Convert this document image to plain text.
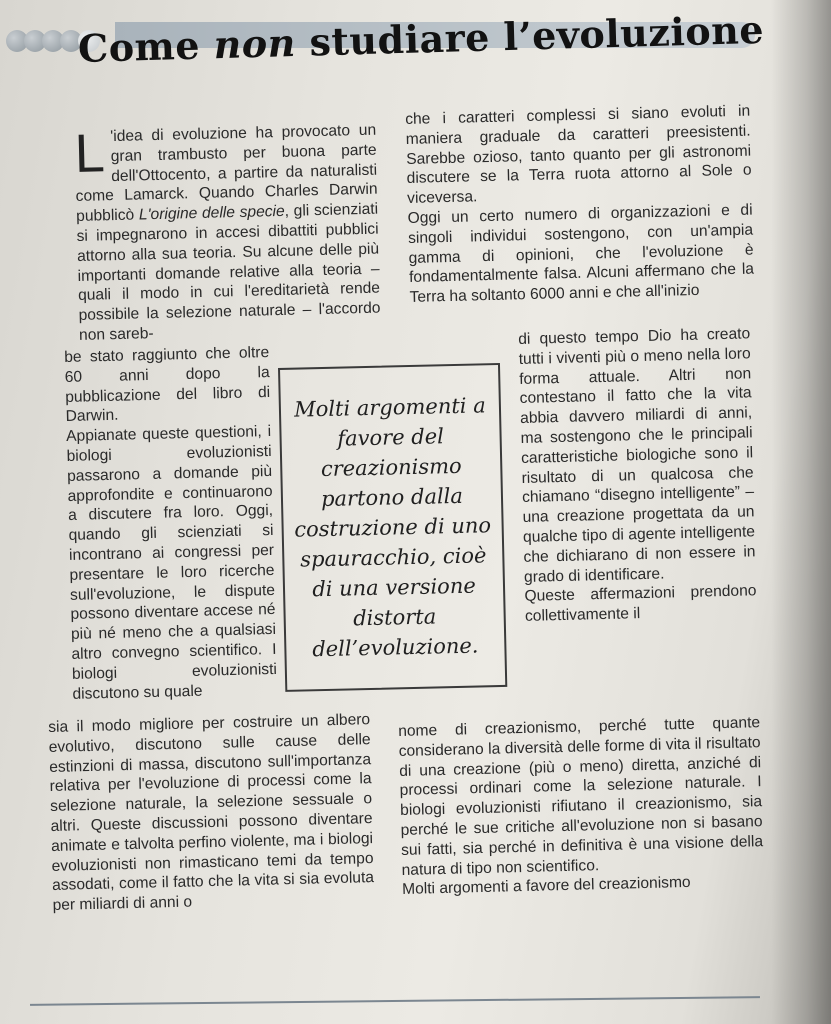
Come non studiare l’evoluzione

L 'idea di evoluzione ha provocato un gran trambusto per buona parte dell'Ottocento, a partire da naturalisti come Lamarck. Quando Charles Darwin pubblicò L'origine delle specie, gli scienziati si impegnarono in accesi dibattiti pubblici attorno alla sua teoria. Su alcune delle più importanti domande relative alla teoria – quali il modo in cui l'ereditarietà rende possibile la selezione naturale – l'accordo non sareb-

be stato raggiunto che oltre 60 anni dopo la pubblicazione del libro di Darwin.

Appianate queste questioni, i biologi evoluzionisti passarono a domande più approfondite e continuarono a discutere fra loro. Oggi, quando gli scienziati si incontrano ai congressi per presentare le loro ricerche sull'evoluzione, le dispute possono diventare accese né più né meno che a qualsiasi altro convegno scientifico. I biologi evoluzionisti discutono su quale

sia il modo migliore per costruire un albero evolutivo, discutono sulle cause delle estinzioni di massa, discutono sull'importanza relativa per l'evoluzione di processi come la selezione naturale, la selezione sessuale o altri. Queste discussioni possono diventare animate e talvolta perfino violente, ma i biologi evoluzionisti non rimasticano temi da tempo assodati, come il fatto che la vita si sia evoluta per miliardi di anni o

che i caratteri complessi si siano evoluti in maniera graduale da caratteri preesistenti. Sarebbe ozioso, tanto quanto per gli astronomi discutere se la Terra ruota attorno al Sole o viceversa.

Oggi un certo numero di organizzazioni e di singoli individui sostengono, con un'ampia gamma di opinioni, che l'evoluzione è fondamentalmente falsa. Alcuni affermano che la Terra ha soltanto 6000 anni e che all'inizio

di questo tempo Dio ha creato tutti i viventi più o meno nella loro forma attuale. Altri non contestano il fatto che la vita abbia davvero miliardi di anni, ma sostengono che le principali caratteristiche biologiche sono il risultato di un qualcosa che chiamano “disegno intelligente” – una creazione progettata da un qualche tipo di agente intelligente che dichiarano di non essere in grado di identificare.

Queste affermazioni prendono collettivamente il

nome di creazionismo, perché tutte quante considerano la diversità delle forme di vita il risultato di una creazione (più o meno) diretta, anziché di processi ordinari come la selezione naturale. I biologi evoluzionisti rifiutano il creazionismo, sia perché le sue critiche all'evoluzione non si basano sui fatti, sia perché in definitiva è una visione della natura di tipo non scientifico.

Molti argomenti a favore del creazionismo

Molti argomenti a favore del creazionismo partono dalla costruzione di uno spauracchio, cioè di una versione distorta dell’evoluzione.
